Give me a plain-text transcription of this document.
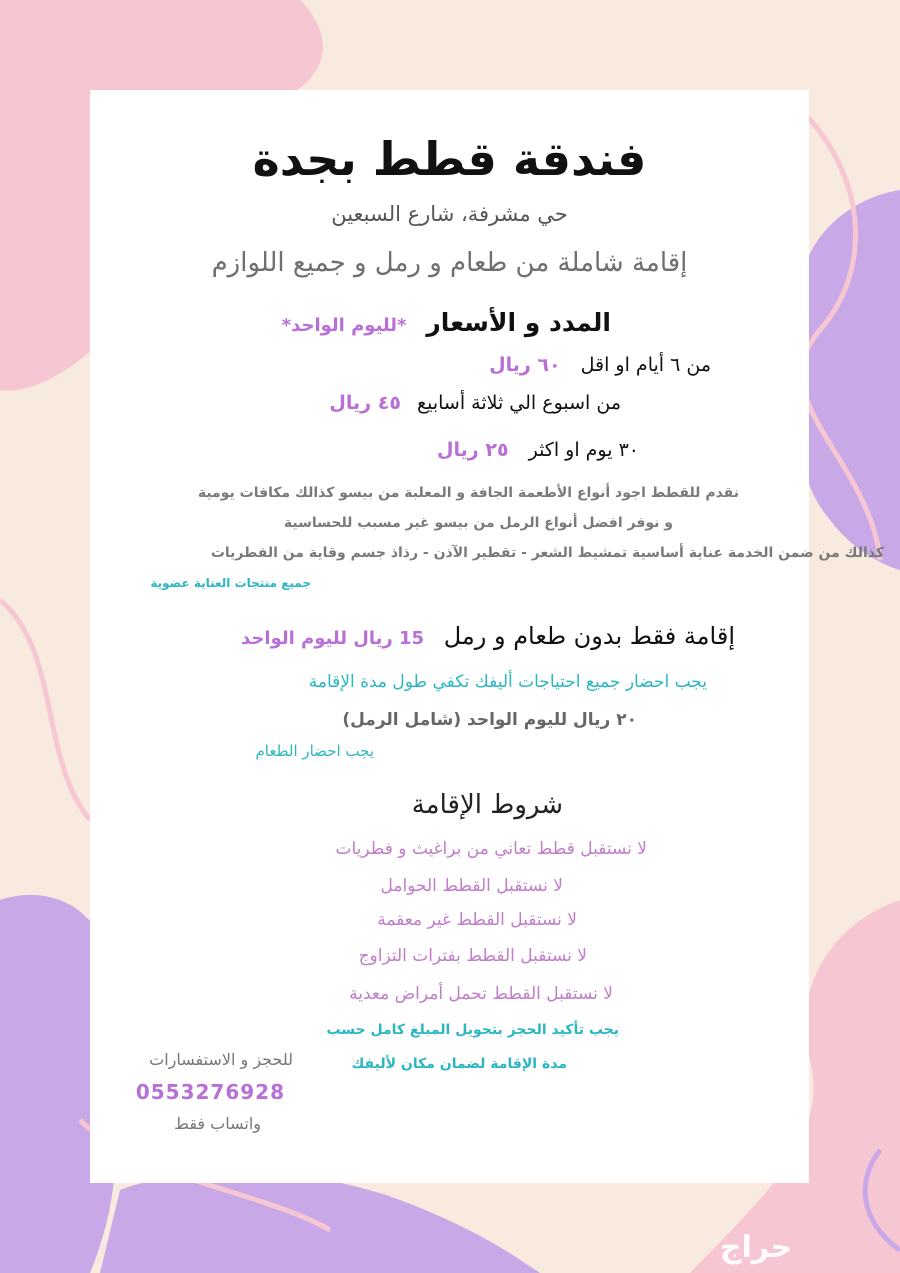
فندقة قطط بجدة
حي مشرفة، شارع السبعين
إقامة شاملة من طعام و رمل و جميع اللوازم
المدد و الأسعار *لليوم الواحد*
من ٦ أيام او اقل ٦٠ ريال
من اسبوع الي ثلاثة أسابيع ٤٥ ريال
٣٠ يوم او اكثر ٢٥ ريال
نقدم للقطط اجود أنواع الأطعمة الجافة و المعلبة من بيسو كذالك مكافات يومية
و نوفر افضل أنواع الرمل من بيسو غير مسبب للحساسية
كذالك من ضمن الخدمة عناية أساسية تمشيط الشعر - تقطير الآذن - رذاذ جسم وقاية من الفطريات
جميع منتجات العناية عضوية
إقامة فقط بدون طعام و رمل 15 ريال لليوم الواحد
يجب احضار جميع احتياجات أليفك تكفي طول مدة الإقامة
٢٠ ريال لليوم الواحد (شامل الرمل)
يجب احضار الطعام
شروط الإقامة
لا نستقبل قطط تعاني من براغيث و فطريات
لا نستقبل القطط الحوامل
لا نستقبل القطط غير معقمة
لا نستقبل القطط بفترات التزاوج
لا نستقبل القطط تحمل أمراض معدية
يجب تأكيد الحجز بتحويل المبلغ كامل حسب
مدة الإقامة لضمان مكان لأليفك
للحجز و الاستفسارات
0553276928
واتساب فقط
حراج
